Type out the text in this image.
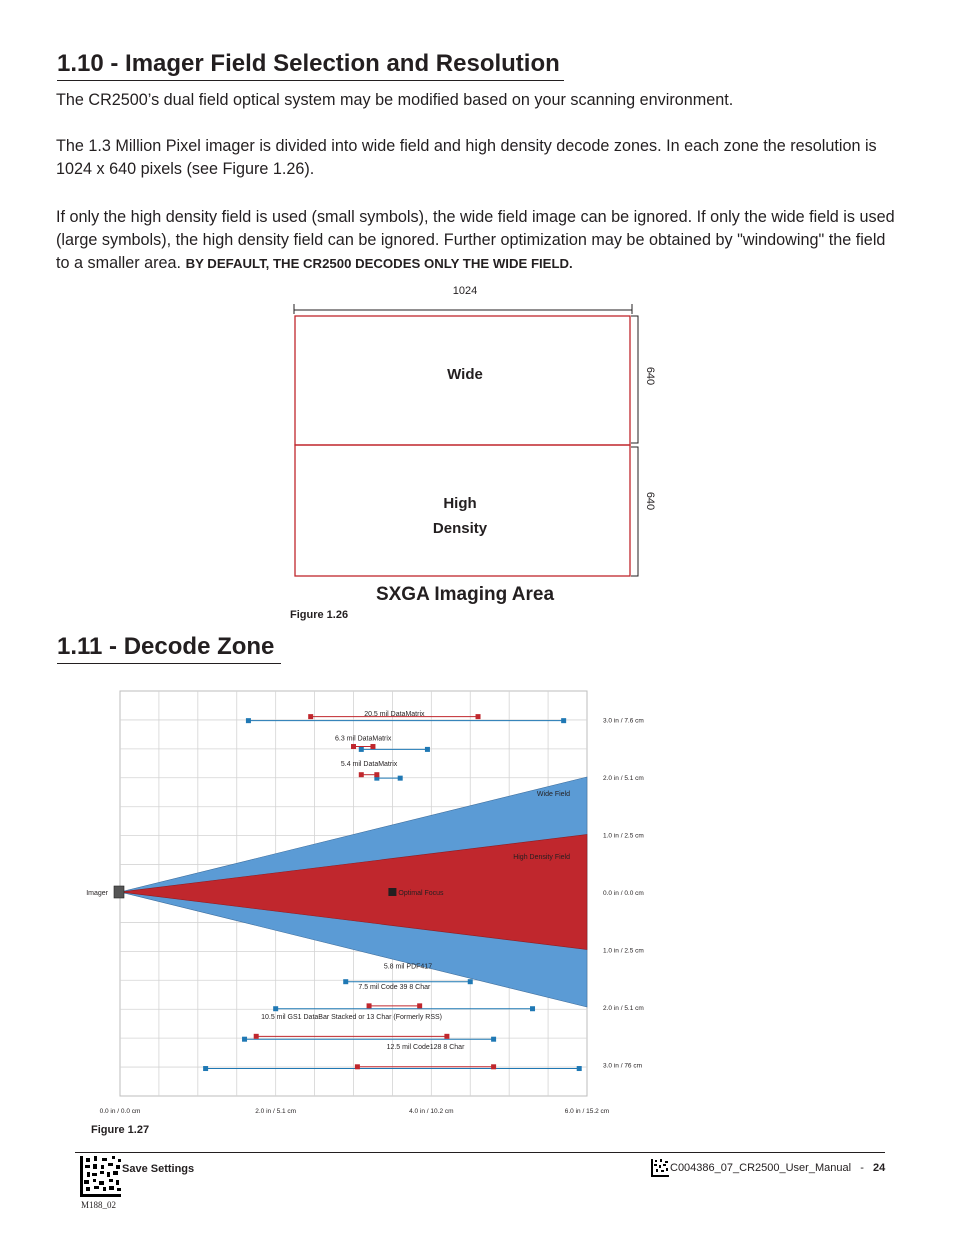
1.10 - Imager Field Selection and Resolution

The CR2500’s dual field optical system may be modified based on your scanning environment.

The 1.3 Million Pixel imager is divided into wide field and high density decode zones. In each zone the resolution is 1024 x 640 pixels (see Figure 1.26).

If only the high density field is used (small symbols), the wide field image can be ignored. If only the wide field is used (large symbols), the high density field can be ignored. Further optimization may be obtained by "windowing" the field to a smaller area. BY DEFAULT, THE CR2500 DECODES ONLY THE WIDE FIELD.

1024
640
640
Wide
High
Density
SXGA Imaging Area
Figure 1.26
1.11 - Decode Zone
Imager	Optimal Focus
Wide Field
High Density Field
3.0 in / 7.6 cm
2.0 in / 5.1 cm
1.0 in / 2.5 cm
0.0 in / 0.0 cm
1.0 in / 2.5 cm
2.0 in / 5.1 cm
3.0 in / 76 cm
0.0 in / 0.0 cm	2.0 in / 5.1 cm	4.0 in / 10.2 cm	6.0 in / 15.2 cm
20.5 mil DataMatrix
6.3 mil DataMatrix
5.4 mil DataMatrix
5.8 mil PDF417
7.5 mil Code 39 8 Char
10.5 mil GS1 DataBar Stacked or 13 Char (Formerly RSS)
12.5 mil Code128 8 Char
Figure 1.27
Save Settings
M188_02
C004386_07_CR2500_User_Manual - 24
